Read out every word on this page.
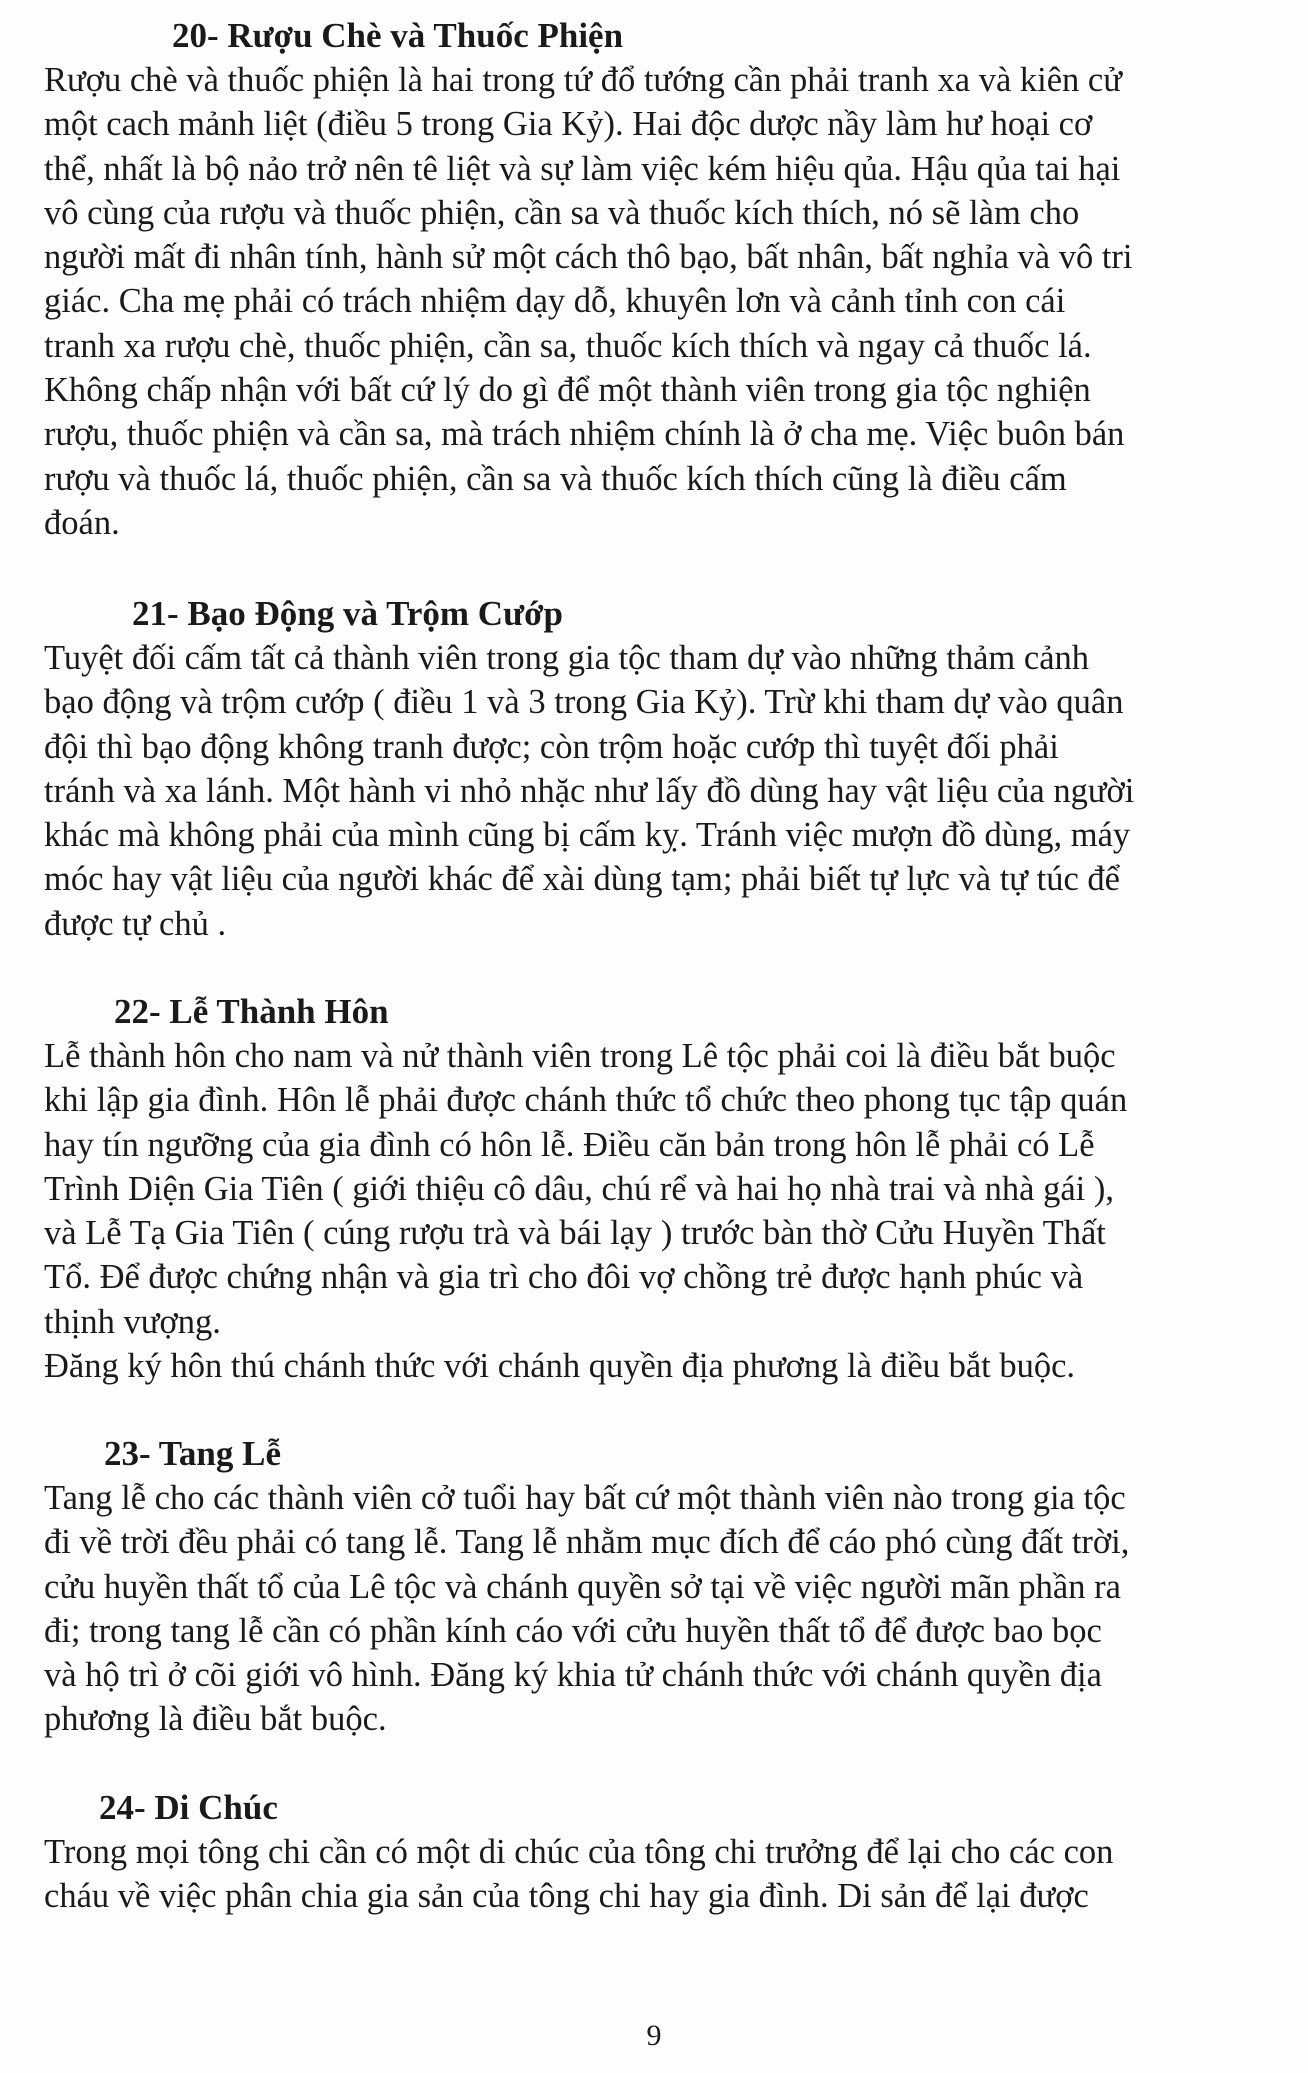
20- Rượu Chè và Thuốc Phiện

Rượu chè và thuốc phiện là hai trong tứ đổ tướng cần phải tranh xa và kiên cử
một cach mảnh liệt (điều 5 trong Gia Kỷ). Hai độc dược nầy làm hư hoại cơ
thể, nhất là bộ nảo trở nên tê liệt và sự làm việc kém hiệu qủa. Hậu qủa tai hại
vô cùng của rượu và thuốc phiện, cần sa và thuốc kích thích, nó sẽ làm cho
người mất đi nhân tính, hành sử một cách thô bạo, bất nhân, bất nghỉa và vô tri
giác. Cha mẹ phải có trách nhiệm dạy dỗ, khuyên lơn và cảnh tỉnh con cái
tranh xa rượu chè, thuốc phiện, cần sa, thuốc kích thích và ngay cả thuốc lá.
Không chấp nhận với bất cứ lý do gì để một thành viên trong gia tộc nghiện
rượu, thuốc phiện và cần sa, mà trách nhiệm chính là ở cha mẹ. Việc buôn bán
rượu và thuốc lá, thuốc phiện, cần sa và thuốc kích thích cũng là điều cấm
đoán.

21- Bạo Động và Trộm Cướp

Tuyệt đối cấm tất cả thành viên trong gia tộc tham dự vào những thảm cảnh
bạo động và trộm cướp ( điều 1 và 3 trong Gia Kỷ). Trừ khi tham dự vào quân
đội thì bạo động không tranh được; còn trộm hoặc cướp thì tuyệt đối phải
tránh và xa lánh. Một hành vi nhỏ nhặc như lấy đồ dùng hay vật liệu của người
khác mà không phải của mình cũng bị cấm kỵ. Tránh việc mượn đồ dùng, máy
móc hay vật liệu của người khác để xài dùng tạm; phải biết tự lực và tự túc để
được tự chủ .

22- Lễ Thành Hôn

Lễ thành hôn cho nam và nử thành viên trong Lê tộc phải coi là điều bắt buộc
khi lập gia đình. Hôn lễ phải được chánh thức tổ chức theo phong tục tập quán
hay tín ngưỡng của gia đình có hôn lễ. Điều căn bản trong hôn lễ phải có Lễ
Trình Diện Gia Tiên ( giới thiệu cô dâu, chú rể và hai họ nhà trai và nhà gái ),
và Lễ Tạ Gia Tiên ( cúng rượu trà và bái lạy ) trước bàn thờ Cửu Huyền Thất
Tổ. Để được chứng nhận và gia trì cho đôi vợ chồng trẻ được hạnh phúc và
thịnh vượng.
Đăng ký hôn thú chánh thức với chánh quyền địa phương là điều bắt buộc.

23- Tang Lễ

Tang lễ cho các thành viên cở tuổi hay bất cứ một thành viên nào trong gia tộc
đi về trời đều phải có tang lễ. Tang lễ nhằm mục đích để cáo phó cùng đất trời,
cửu huyền thất tổ của Lê tộc và chánh quyền sở tại về việc người mãn phần ra
đi; trong tang lễ cần có phần kính cáo với cửu huyền thất tổ để được bao bọc
và hộ trì ở cõi giới vô hình. Đăng ký khia tử chánh thức với chánh quyền địa
phương là điều bắt buộc.

24- Di Chúc

Trong mọi tông chi cần có một di chúc của tông chi trưởng để lại cho các con
cháu về việc phân chia gia sản của tông chi hay gia đình. Di sản để lại được

9
